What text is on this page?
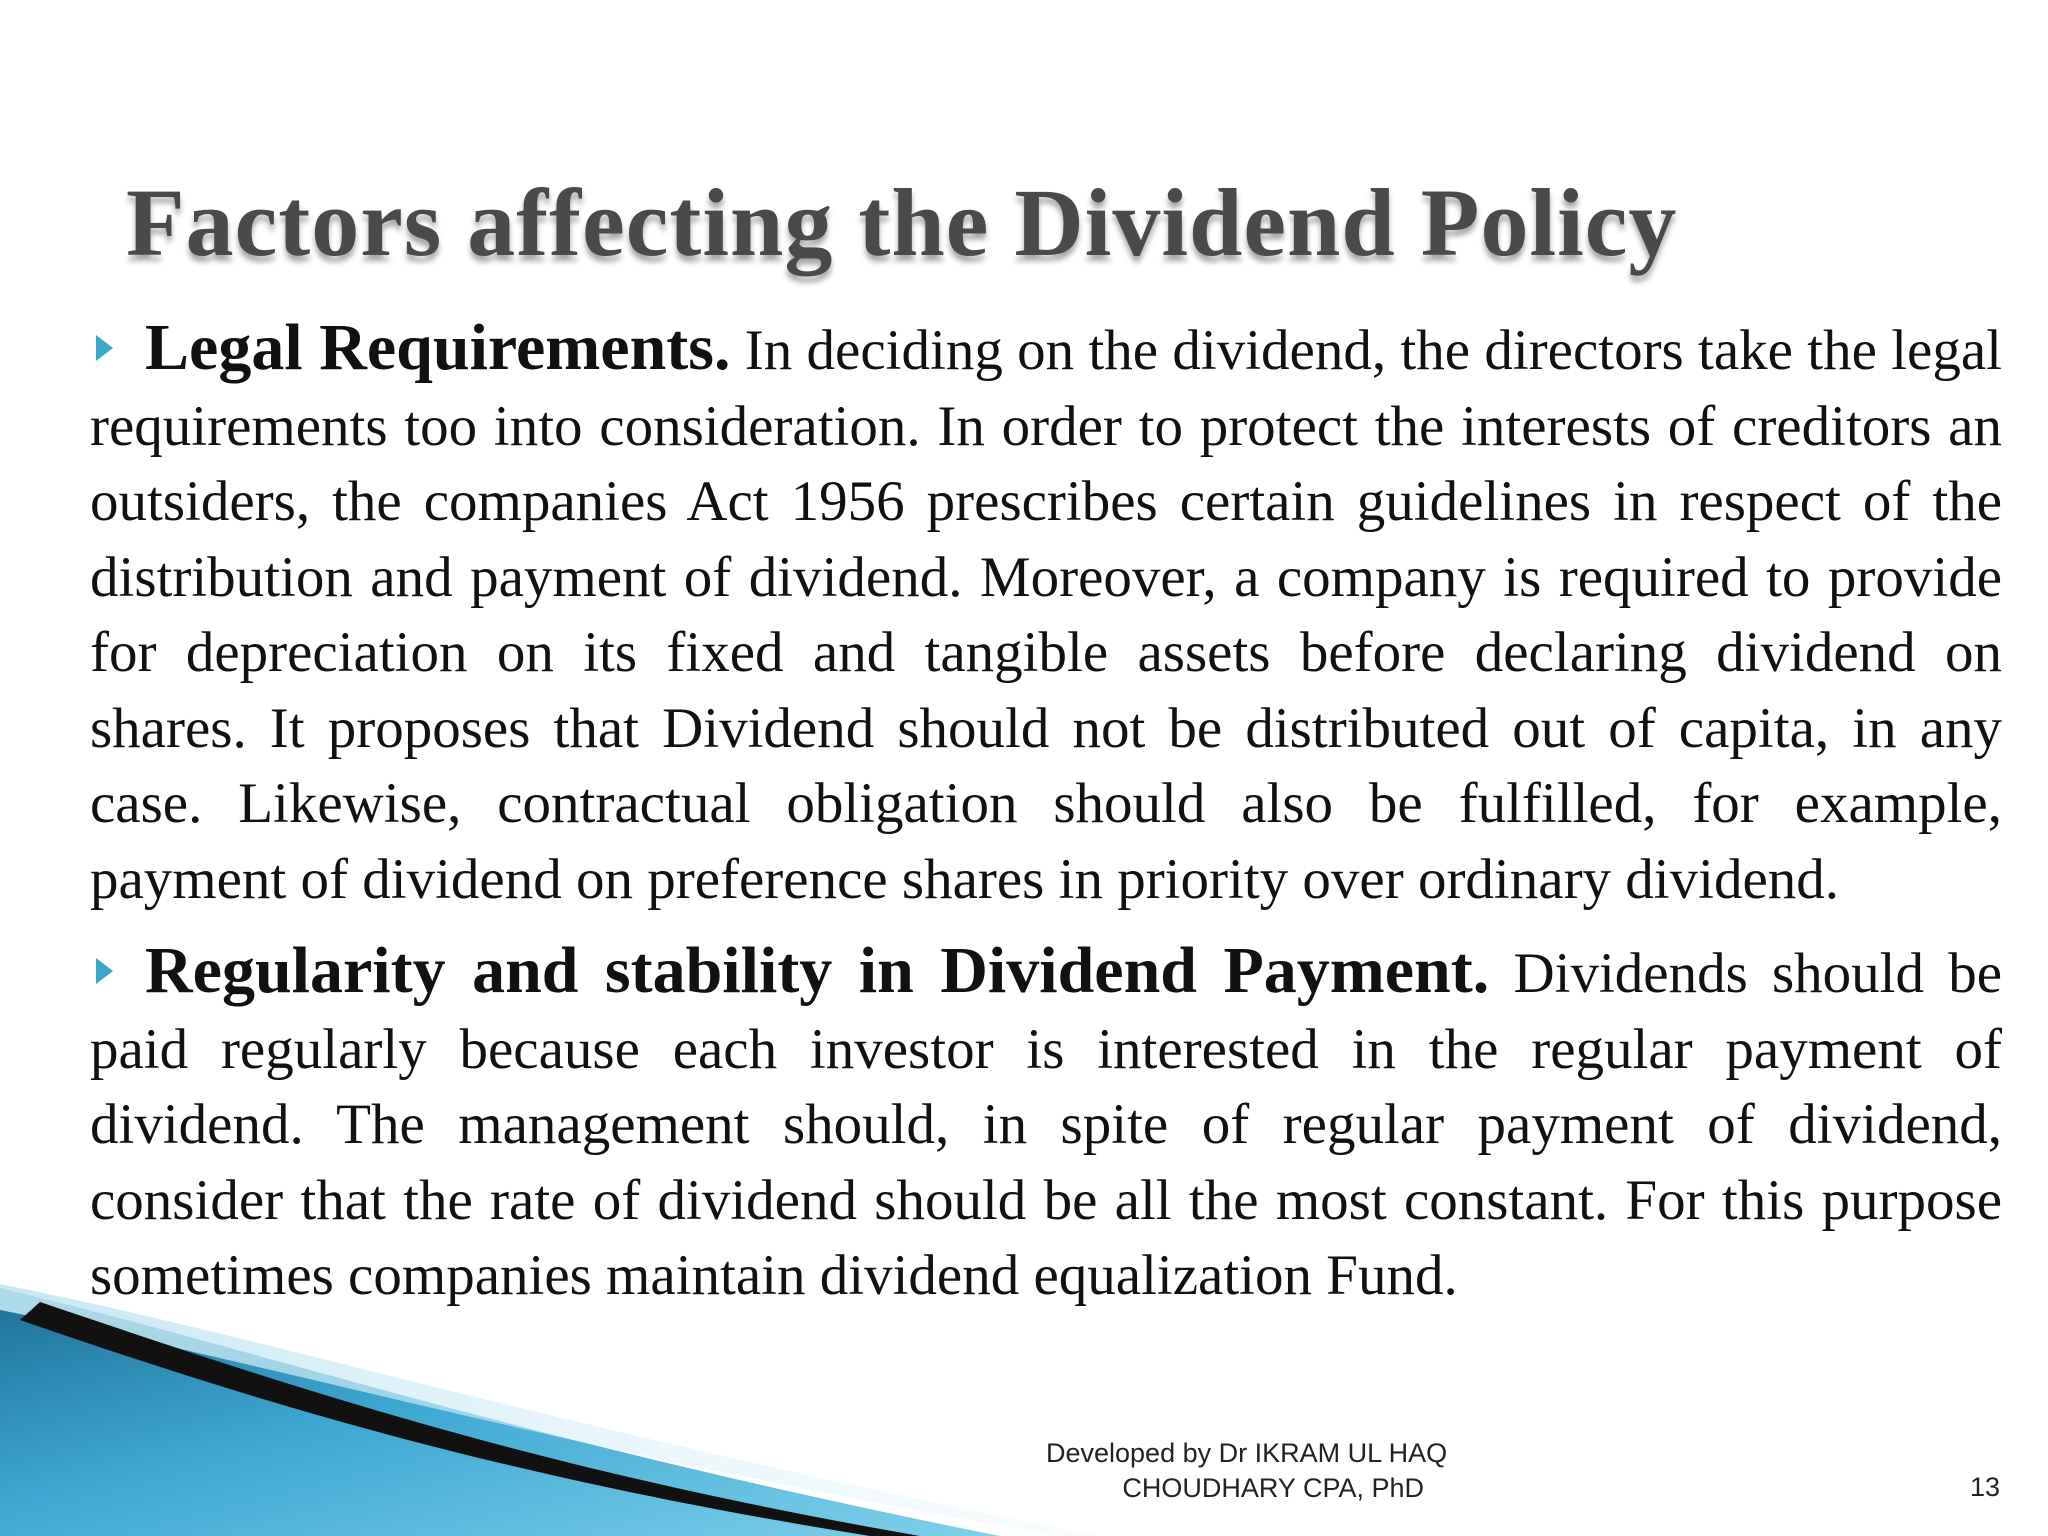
Factors affecting the Dividend Policy

Legal Requirements. In deciding on the dividend, the directors take the legal requirements too into consideration. In order to protect the interests of creditors an outsiders, the companies Act 1956 prescribes certain guidelines in respect of the distribution and payment of dividend. Moreover, a company is required to provide for depreciation on its fixed and tangible assets before declaring dividend on shares. It proposes that Dividend should not be distributed out of capita, in any case. Likewise, contractual obligation should also be fulfilled, for example, payment of dividend on preference shares in priority over ordinary dividend.

Regularity and stability in Dividend Payment. Dividends should be paid regularly because each investor is interested in the regular payment of dividend. The management should, in spite of regular payment of dividend, consider that the rate of dividend should be all the most constant. For this purpose sometimes companies maintain dividend equalization Fund.

Developed by Dr IKRAM UL HAQ
CHOUDHARY CPA, PhD	13
